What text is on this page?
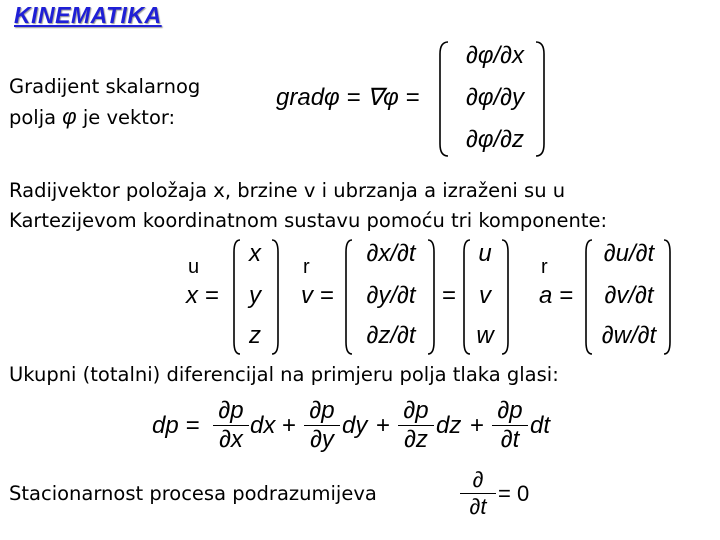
KINEMATIKA
Gradijent skalarnog
polja φ je vektor:
gradφ = ∇φ =
∂φ/∂x
∂φ/∂y
∂φ/∂z
Radijvektor položaja x, brzine v i ubrzanja a izraženi su u
Kartezijevom koordinatnom sustavu pomoću tri komponente:
u
x =
x
y
z
r
v =
∂x/∂t
∂y/∂t
∂z/∂t
=
u
v
w
r
a =
∂u/∂t
∂v/∂t
∂w/∂t
Ukupni (totalni) diferencijal na primjeru polja tlaka glasi:
dp =
∂p
∂x
dx +
∂p
∂y
dy +
∂p
∂z
dz +
∂p
∂t
dt
Stacionarnost procesa podrazumijeva
∂
∂t
= 0
